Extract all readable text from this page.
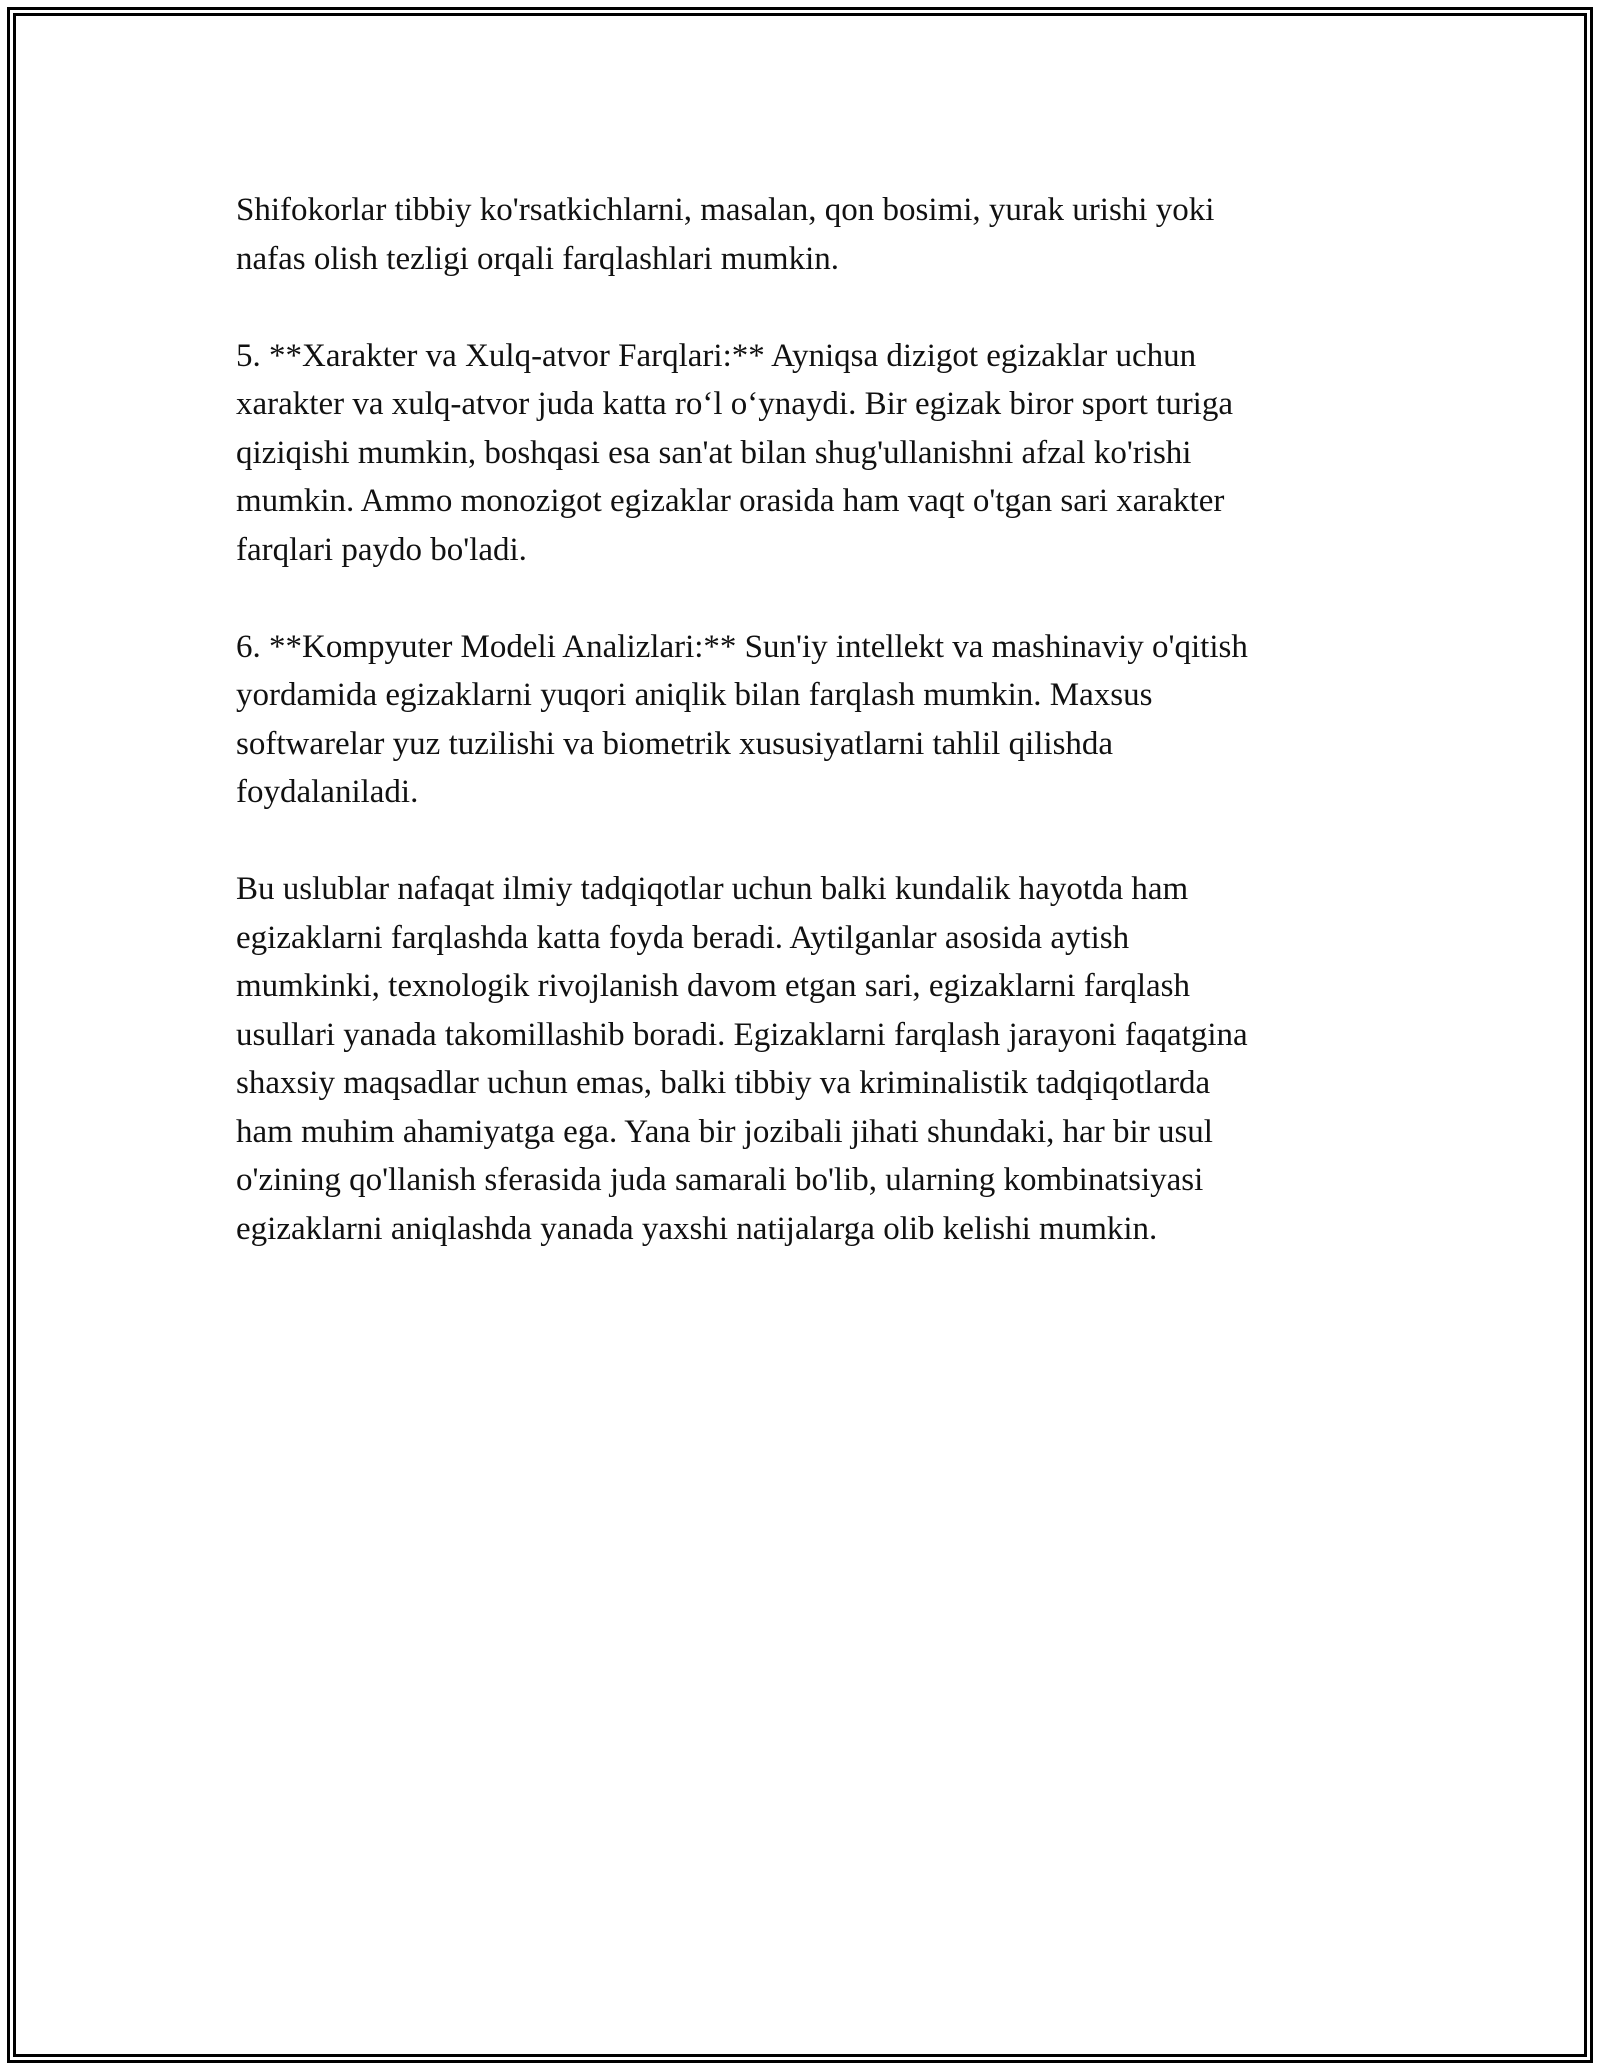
Shifokorlar tibbiy ko'rsatkichlarni, masalan, qon bosimi, yurak urishi yoki
nafas olish tezligi orqali farqlashlari mumkin.

5. **Xarakter va Xulq-atvor Farqlari:** Ayniqsa dizigot egizaklar uchun
xarakter va xulq-atvor juda katta ro‘l o‘ynaydi. Bir egizak biror sport turiga
qiziqishi mumkin, boshqasi esa san'at bilan shug'ullanishni afzal ko'rishi
mumkin. Ammo monozigot egizaklar orasida ham vaqt o'tgan sari xarakter
farqlari paydo bo'ladi.

6. **Kompyuter Modeli Analizlari:** Sun'iy intellekt va mashinaviy o'qitish
yordamida egizaklarni yuqori aniqlik bilan farqlash mumkin. Maxsus
softwarelar yuz tuzilishi va biometrik xususiyatlarni tahlil qilishda
foydalaniladi.

Bu uslublar nafaqat ilmiy tadqiqotlar uchun balki kundalik hayotda ham
egizaklarni farqlashda katta foyda beradi. Aytilganlar asosida aytish
mumkinki, texnologik rivojlanish davom etgan sari, egizaklarni farqlash
usullari yanada takomillashib boradi. Egizaklarni farqlash jarayoni faqatgina
shaxsiy maqsadlar uchun emas, balki tibbiy va kriminalistik tadqiqotlarda
ham muhim ahamiyatga ega. Yana bir jozibali jihati shundaki, har bir usul
o'zining qo'llanish sferasida juda samarali bo'lib, ularning kombinatsiyasi
egizaklarni aniqlashda yanada yaxshi natijalarga olib kelishi mumkin.
